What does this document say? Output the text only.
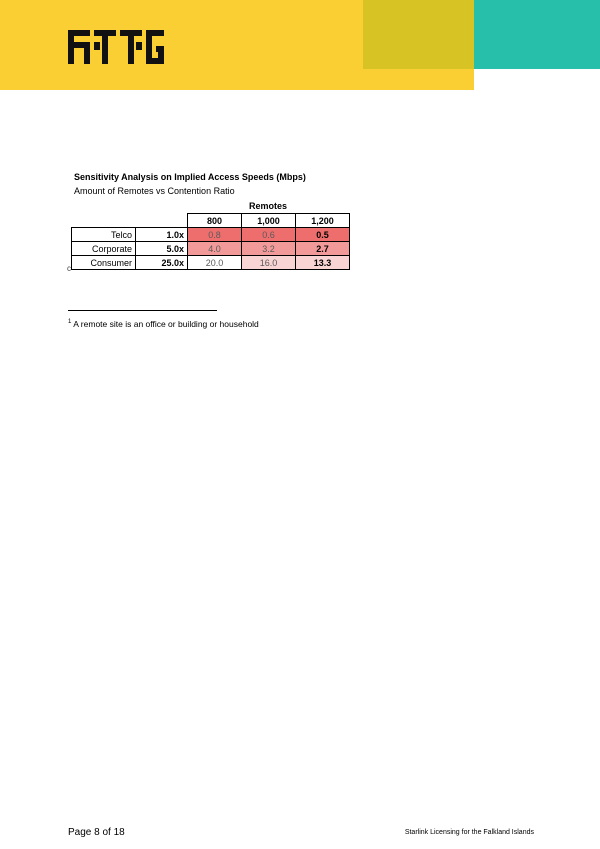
Sensitivity Analysis on Implied Access Speeds (Mbps)
Amount of Remotes vs Contention Ratio
Remotes
		800	1,000	1,200
Telco	1.0x	0.8	0.6	0.5
Corporate	5.0x	4.0	3.2	2.7
Consumer	25.0x	20.0	16.0	13.3
c
$^1$ A remote site is an office or building or household
Page 8 of 18	Starlink Licensing for the Falkland Islands
